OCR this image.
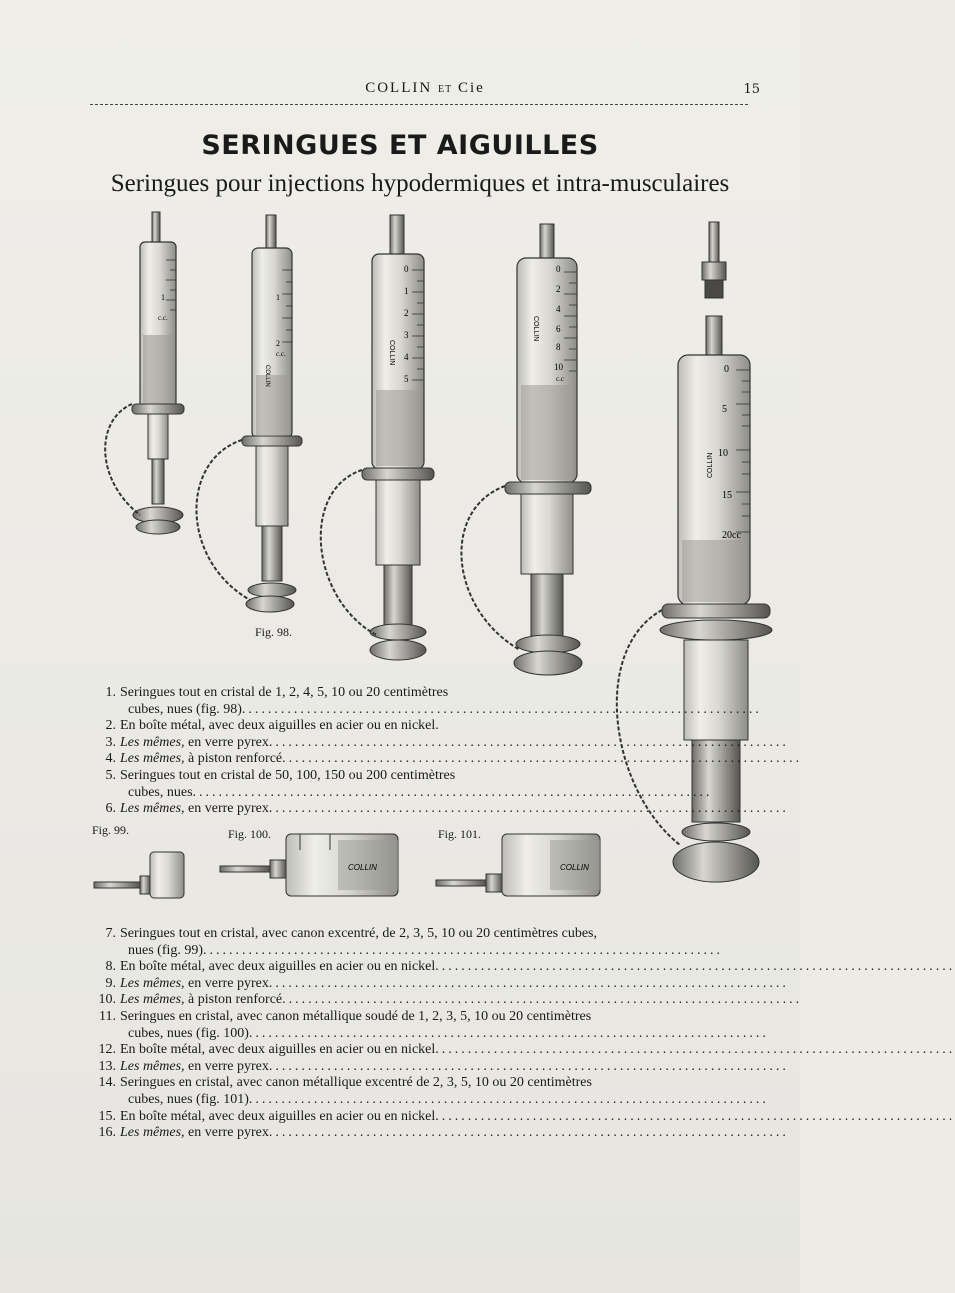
COLLIN ET Cie	15
SERINGUES ET AIGUILLES
Seringues pour injections hypodermiques et intra-musculaires
1
c.c.
1
2
c.c.
COLLIN
0
1
2
3
4
5
COLLIN
0
2
4
6
8
10
c.c
COLLIN
0
5
10
15
20cc
COLLIN
Fig. 98.
1. Seringues tout en cristal de 1, 2, 4, 5, 10 ou 20 centimètres
cubes, nues (fig. 98)................................................................................
2. En boîte métal, avec deux aiguilles en acier ou en nickel.
3. Les mêmes, en verre pyrex................................................................................
4. Les mêmes, à piston renforcé................................................................................
5. Seringues tout en cristal de 50, 100, 150 ou 200 centimètres
cubes, nues................................................................................
6. Les mêmes, en verre pyrex................................................................................
Fig. 99.	Fig. 100.	Fig. 101.
COLLIN	COLLIN
7. Seringues tout en cristal, avec canon excentré, de 2, 3, 5, 10 ou 20 centimètres cubes,
nues (fig. 99)................................................................................
8. En boîte métal, avec deux aiguilles en acier ou en nickel................................................................................
9. Les mêmes, en verre pyrex................................................................................
10. Les mêmes, à piston renforcé................................................................................
11. Seringues en cristal, avec canon métallique soudé de 1, 2, 3, 5, 10 ou 20 centimètres
cubes, nues (fig. 100)................................................................................
12. En boîte métal, avec deux aiguilles en acier ou en nickel................................................................................
13. Les mêmes, en verre pyrex................................................................................
14. Seringues en cristal, avec canon métallique excentré de 2, 3, 5, 10 ou 20 centimètres
cubes, nues (fig. 101)................................................................................
15. En boîte métal, avec deux aiguilles en acier ou en nickel................................................................................
16. Les mêmes, en verre pyrex................................................................................
